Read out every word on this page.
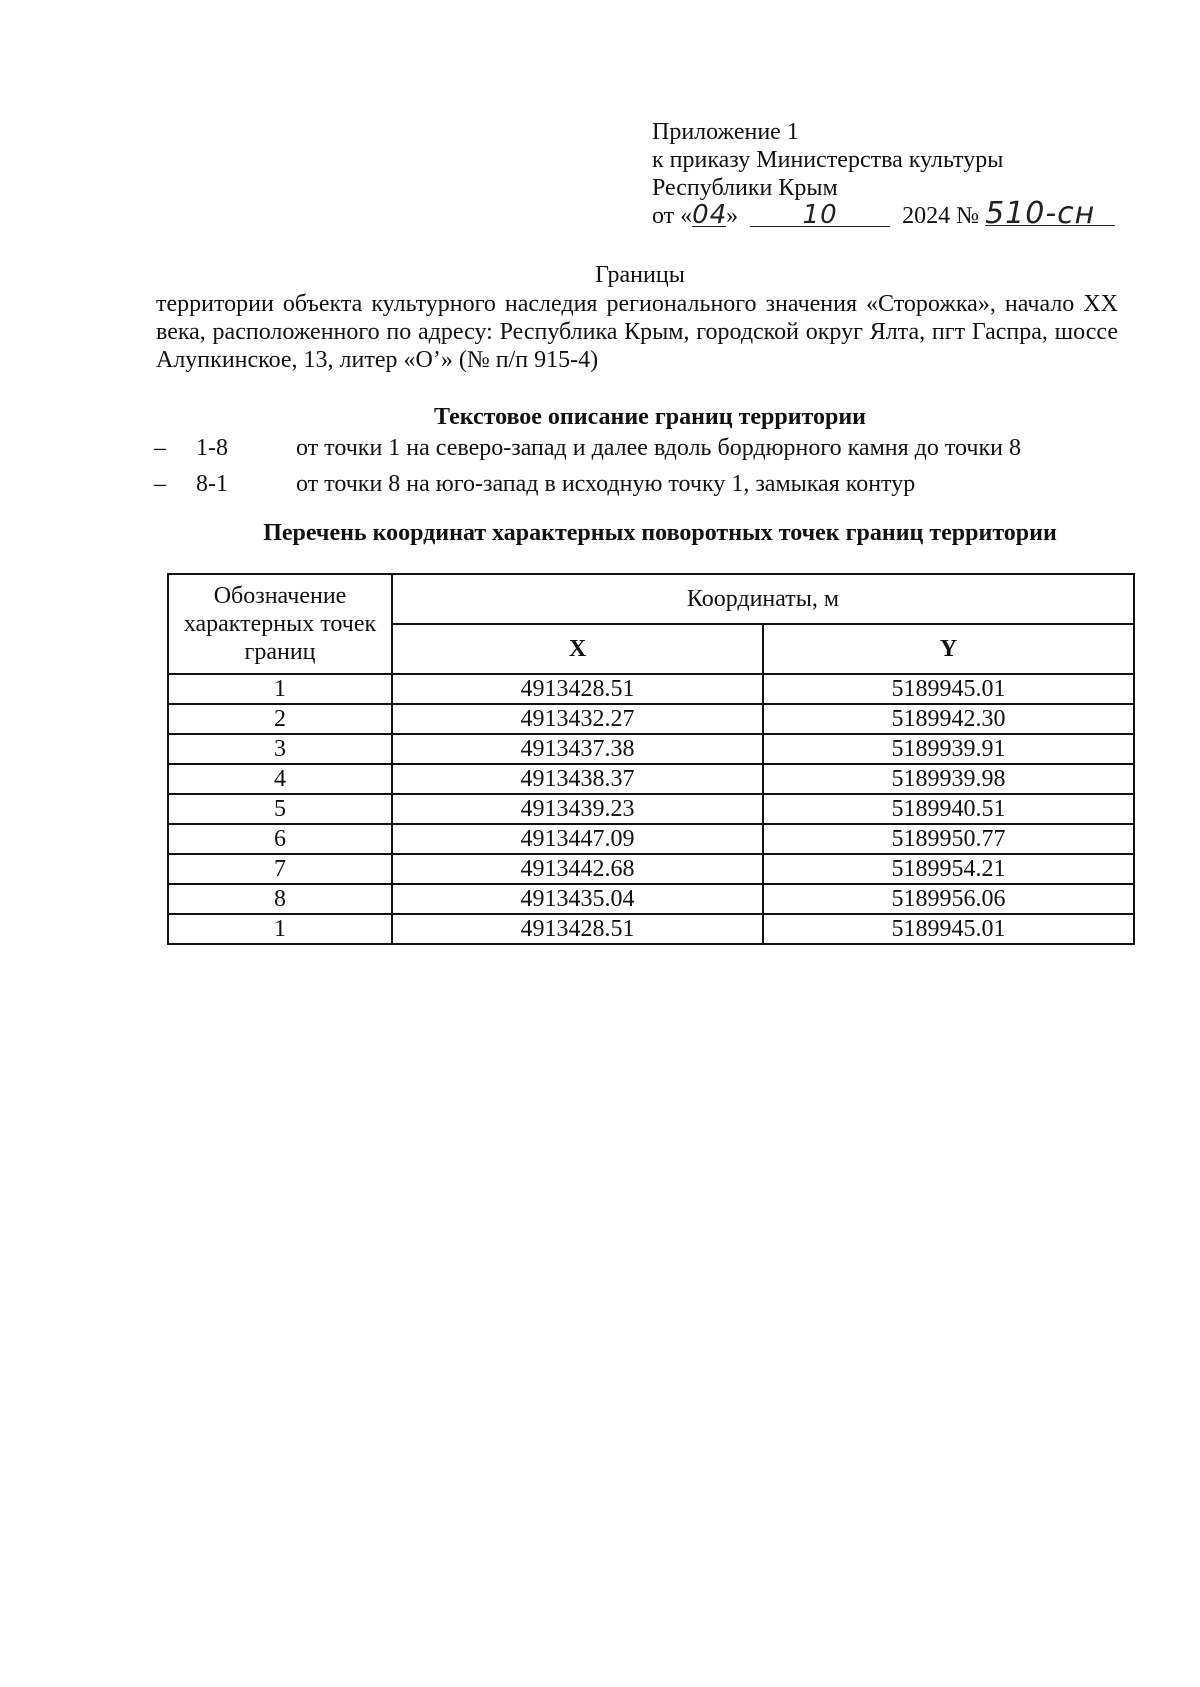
Приложение 1
к приказу Министерства культуры
Республики Крым
от «04» 10	2024 № 510-сн
Границы
территории объекта культурного наследия регионального значения «Сторожка», начало XX века, расположенного по адресу: Республика Крым, городской округ Ялта, пгт Гаспра, шоссе Алупкинское, 13, литер «О’» (№ п/п 915-4)
Текстовое описание границ территории
– 1-8	от точки 1 на северо-запад и далее вдоль бордюрного камня до точки 8
– 8-1	от точки 8 на юго-запад в исходную точку 1, замыкая контур
Перечень координат характерных поворотных точек границ территории
Обозначение характерных точек границ	Координаты, м	
	X	Y
1	4913428.51	5189945.01
2	4913432.27	5189942.30
3	4913437.38	5189939.91
4	4913438.37	5189939.98
5	4913439.23	5189940.51
6	4913447.09	5189950.77
7	4913442.68	5189954.21
8	4913435.04	5189956.06
1	4913428.51	5189945.01
